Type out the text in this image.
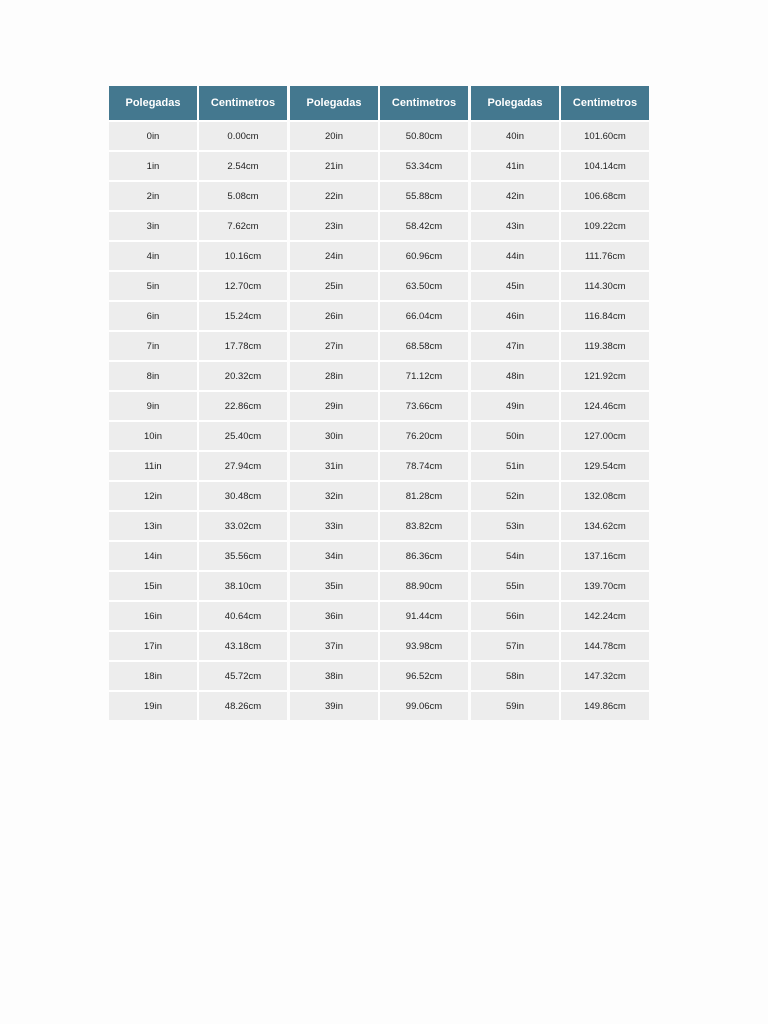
Polegadas	Centimetros
0in	0.00cm
1in	2.54cm
2in	5.08cm
3in	7.62cm
4in	10.16cm
5in	12.70cm
6in	15.24cm
7in	17.78cm
8in	20.32cm
9in	22.86cm
10in	25.40cm
11in	27.94cm
12in	30.48cm
13in	33.02cm
14in	35.56cm
15in	38.10cm
16in	40.64cm
17in	43.18cm
18in	45.72cm
19in	48.26cm
Polegadas	Centimetros
20in	50.80cm
21in	53.34cm
22in	55.88cm
23in	58.42cm
24in	60.96cm
25in	63.50cm
26in	66.04cm
27in	68.58cm
28in	71.12cm
29in	73.66cm
30in	76.20cm
31in	78.74cm
32in	81.28cm
33in	83.82cm
34in	86.36cm
35in	88.90cm
36in	91.44cm
37in	93.98cm
38in	96.52cm
39in	99.06cm
Polegadas	Centimetros
40in	101.60cm
41in	104.14cm
42in	106.68cm
43in	109.22cm
44in	111.76cm
45in	114.30cm
46in	116.84cm
47in	119.38cm
48in	121.92cm
49in	124.46cm
50in	127.00cm
51in	129.54cm
52in	132.08cm
53in	134.62cm
54in	137.16cm
55in	139.70cm
56in	142.24cm
57in	144.78cm
58in	147.32cm
59in	149.86cm
